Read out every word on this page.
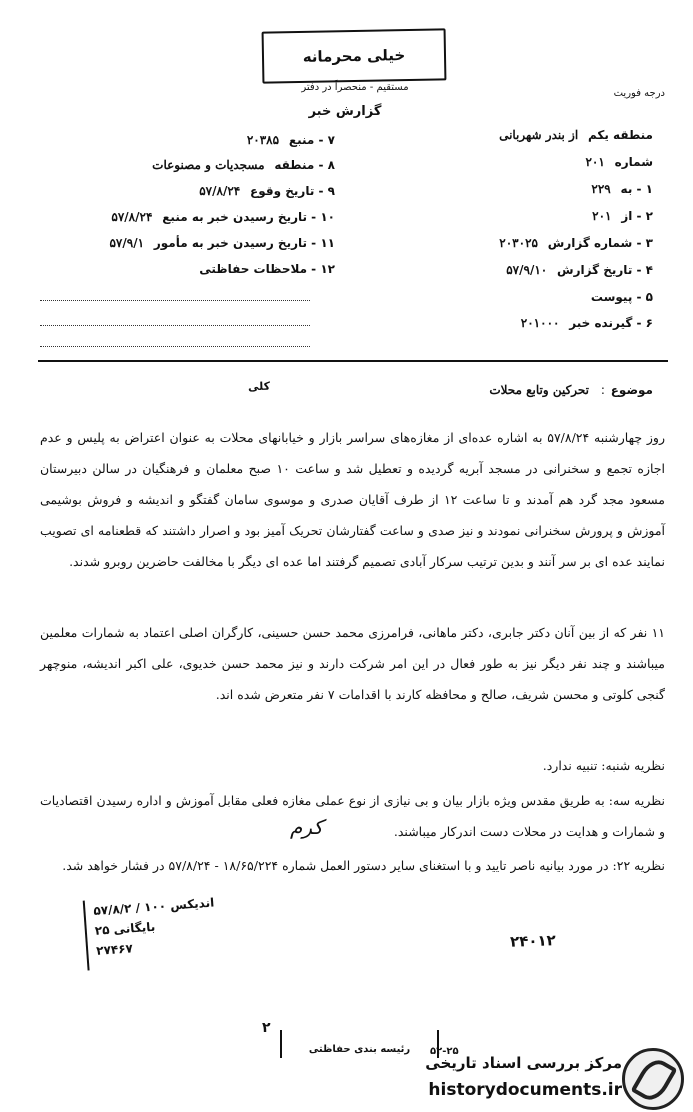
خیلی محرمانه
مستقیم - منحصراً در دفتر
گزارش خبر
درجه فوریت
منطقه یکم از بندر شهربانی
شماره ۲۰۱
۱ - به ۲۲۹
۲ - از ۲۰۱
۳ - شماره گزارش ۲۰۳۰۲۵
۴ - تاریخ گزارش ۵۷/۹/۱۰
۵ - پیوست
۶ - گیرنده خبر ۲۰۱۰۰۰
۷ - منبع ۲۰۳۸۵
۸ - منطقه مسجدیات و مصنوعات
۹ - تاریخ وقوع ۵۷/۸/۲۴
۱۰ - تاریخ رسیدن خبر به منبع ۵۷/۸/۲۴
۱۱ - تاریخ رسیدن خبر به مأمور ۵۷/۹/۱
۱۲ - ملاحظات حفاظتی
موضوع : تحرکین وتابع محلات
کلی
روز چهارشنبه ۵۷/۸/۲۴ به اشاره عده‌ای از مغازه‌های سراسر بازار و خیابانهای محلات به عنوان اعتراض به پلیس و عدم اجازه تجمع و سخنرانی در مسجد آبریه گردیده و تعطیل شد و ساعت ۱۰ صبح معلمان و فرهنگیان در سالن دبیرستان مسعود مجد گرد هم آمدند و تا ساعت ۱۲ از طرف آقایان صدری و موسوی سامان گفتگو و اندیشه و فروش بوشیمی آموزش و پرورش سخنرانی نمودند و نیز صدی و ساعت گفتارشان تحریک آمیز بود و اصرار داشتند که قطعنامه ای تصویب نمایند عده ای بر سر آنند و بدین ترتیب سرکار آبادی تصمیم گرفتند اما عده ای دیگر با مخالفت حاضرین روبرو شدند.
۱۱ نفر که از بین آنان دکتر جابری، دکتر ماهانی، فرامرزی محمد حسن حسینی، کارگران اصلی اعتماد به شمارات معلمین میباشند و چند نفر دیگر نیز به طور فعال در این امر شرکت دارند و نیز محمد حسن خدیوی، علی اکبر اندیشه، منوچهر گنجی کلوتی و محسن شریف، صالح و محافظه کارند با اقدامات ۷ نفر متعرض شده اند.
نظریه شنبه: تنبیه ندارد.
نظریه سه: به طریق مقدس ویژه بازار بیان و بی نیازی از نوع عملی مغازه فعلی مقابل آموزش و اداره رسیدن اقتصادیات و شمارات و هدایت در محلات دست اندرکار میباشند.
کرم
نظریه ۲۲: در مورد بیانیه ناصر تایید و با استغنای سایر دستور العمل شماره ۱۸/۶۵/۲۲۴ - ۵۷/۸/۲۴ در فشار خواهد شد.
اندیکس ۱۰۰ / ۵۷/۸/۲
بایگانی ۲۵
۲۷۴۶۷	۲۴۰۱۲
۲
رئیسه بندی حفاظتی	۵۲-۲۵
مرکز بررسی اسناد تاریخی
historydocuments.ir
